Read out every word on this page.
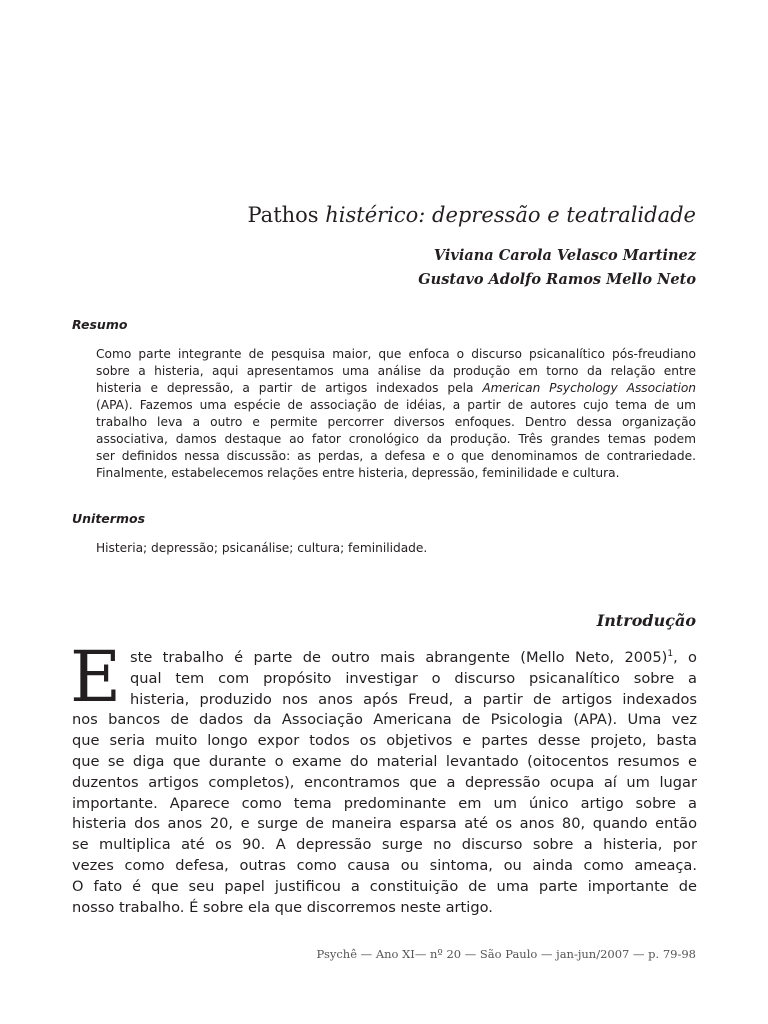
Pathos histérico: depressão e teatralidade
Viviana Carola Velasco Martinez
Gustavo Adolfo Ramos Mello Neto
Resumo
Como parte integrante de pesquisa maior, que enfoca o discurso psicanalítico pós-freudiano
sobre a histeria, aqui apresentamos uma análise da produção em torno da relação entre
histeria e depressão, a partir de artigos indexados pela American Psychology Association
(APA). Fazemos uma espécie de associação de idéias, a partir de autores cujo tema de um
trabalho leva a outro e permite percorrer diversos enfoques. Dentro dessa organização
associativa, damos destaque ao fator cronológico da produção. Três grandes temas podem
ser definidos nessa discussão: as perdas, a defesa e o que denominamos de contrariedade.
Finalmente, estabelecemos relações entre histeria, depressão, feminilidade e cultura.
Unitermos
Histeria; depressão; psicanálise; cultura; feminilidade.
Introdução
E ste trabalho é parte de outro mais abrangente (Mello Neto, 2005)$^1$, o
qual tem com propósito investigar o discurso psicanalítico sobre a
histeria, produzido nos anos após Freud, a partir de artigos indexados
nos bancos de dados da Associação Americana de Psicologia (APA). Uma vez
que seria muito longo expor todos os objetivos e partes desse projeto, basta
que se diga que durante o exame do material levantado (oitocentos resumos e
duzentos artigos completos), encontramos que a depressão ocupa aí um lugar
importante. Aparece como tema predominante em um único artigo sobre a
histeria dos anos 20, e surge de maneira esparsa até os anos 80, quando então
se multiplica até os 90. A depressão surge no discurso sobre a histeria, por
vezes como defesa, outras como causa ou sintoma, ou ainda como ameaça.
O fato é que seu papel justificou a constituição de uma parte importante de
nosso trabalho. É sobre ela que discorremos neste artigo.
Psychê — Ano XI— nº 20 — São Paulo — jan-jun/2007 — p. 79-98
